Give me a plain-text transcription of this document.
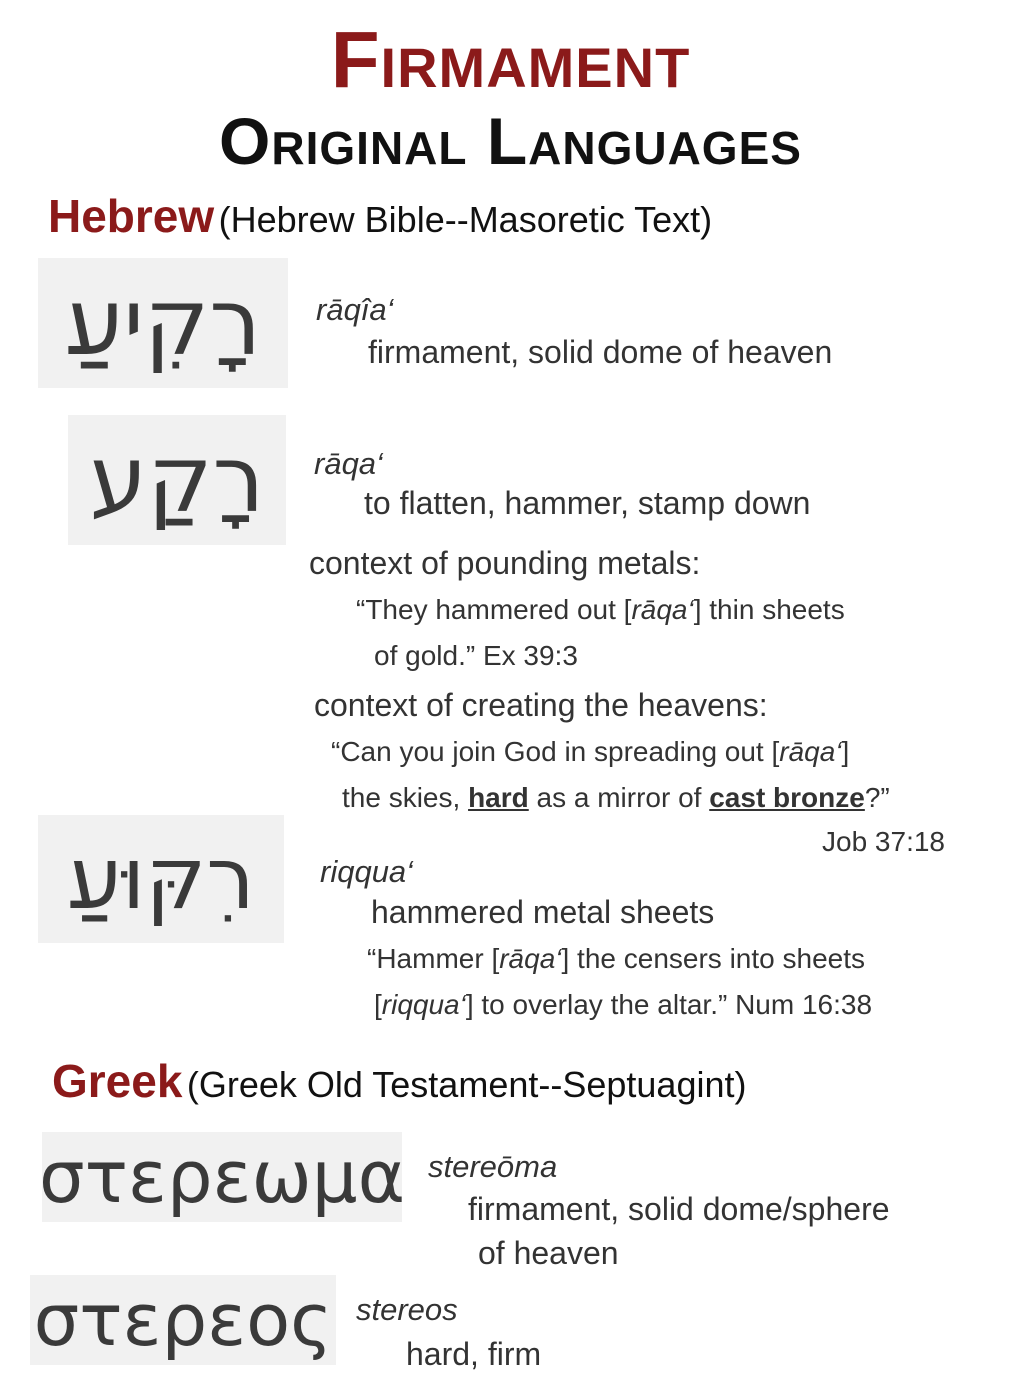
Firmament
Original Languages
Hebrew (Hebrew Bible--Masoretic Text)
רָקִיעַ	rāqîa‘
firmament, solid dome of heaven
רָקַע	rāqa‘
to flatten, hammer, stamp down
context of pounding metals:
“They hammered out [rāqa‘] thin sheets
of gold.” Ex 39:3
context of creating the heavens:
“Can you join God in spreading out [rāqa‘]
the skies, hard as a mirror of cast bronze?”
Job 37:18
רִקּוּעַ	riqqua‘
hammered metal sheets
“Hammer [rāqa‘] the censers into sheets
[riqqua‘] to overlay the altar.” Num 16:38
Greek (Greek Old Testament--Septuagint)
στερεωμα stereōma
firmament, solid dome/sphere
of heaven
στερεος stereos
hard, firm
